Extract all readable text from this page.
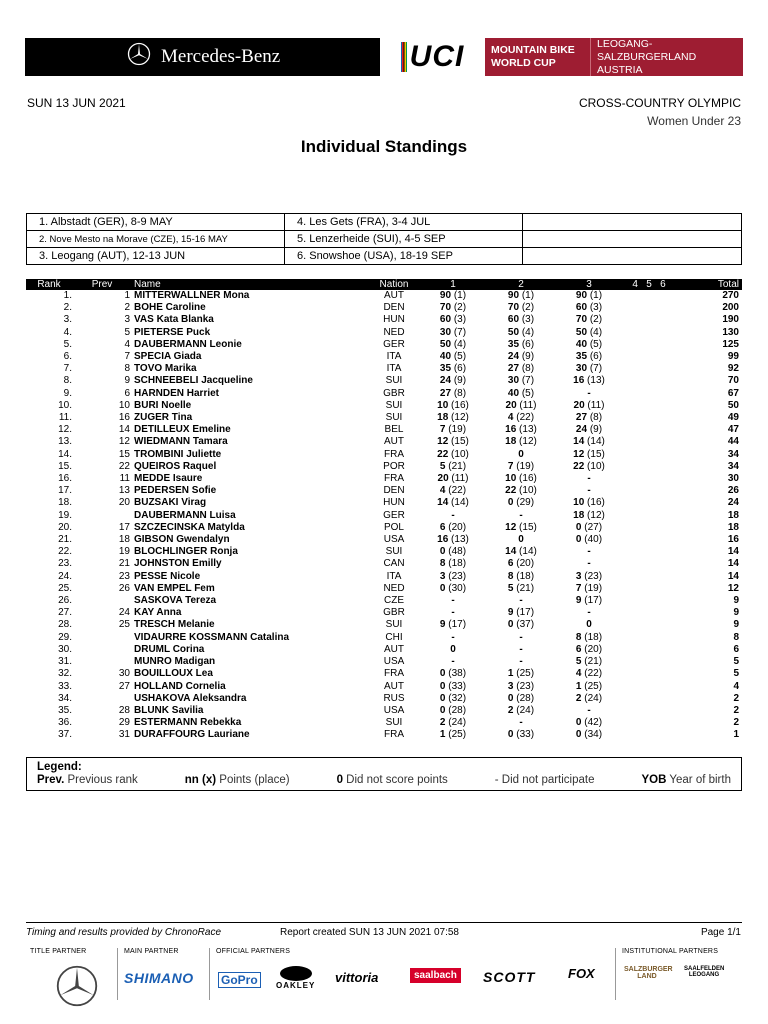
Mercedes-Benz	UCI	MOUNTAIN BIKE
WORLD CUP
LEOGANG-SALZBURGERLAND
AUSTRIA
SUN 13 JUN 2021	CROSS-COUNTRY OLYMPIC
Women Under 23
Individual Standings
1. Albstadt (GER), 8-9 MAY	4. Les Gets (FRA), 3-4 JUL	
2. Nove Mesto na Morave (CZE), 15-16 MAY	5. Lenzerheide (SUI), 4-5 SEP	
3. Leogang (AUT), 12-13 JUN	6. Snowshoe (USA), 18-19 SEP	
Rank	Prev	Name	Nation	1	2	3	4 5 6	Total
1.	1	MITTERWALLNER Mona	AUT	90 (1)	90 (1)	90 (1)		270
2.	2	BOHE Caroline	DEN	70 (2)	70 (2)	60 (3)		200
3.	3	VAS Kata Blanka	HUN	60 (3)	60 (3)	70 (2)		190
4.	5	PIETERSE Puck	NED	30 (7)	50 (4)	50 (4)		130
5.	4	DAUBERMANN Leonie	GER	50 (4)	35 (6)	40 (5)		125
6.	7	SPECIA Giada	ITA	40 (5)	24 (9)	35 (6)		99
7.	8	TOVO Marika	ITA	35 (6)	27 (8)	30 (7)		92
8.	9	SCHNEEBELI Jacqueline	SUI	24 (9)	30 (7)	16 (13)		70
9.	6	HARNDEN Harriet	GBR	27 (8)	40 (5)	-		67
10.	10	BURI Noelle	SUI	10 (16)	20 (11)	20 (11)		50
11.	16	ZUGER Tina	SUI	18 (12)	4 (22)	27 (8)		49
12.	14	DETILLEUX Emeline	BEL	7 (19)	16 (13)	24 (9)		47
13.	12	WIEDMANN Tamara	AUT	12 (15)	18 (12)	14 (14)		44
14.	15	TROMBINI Juliette	FRA	22 (10)	0	12 (15)		34
15.	22	QUEIROS Raquel	POR	5 (21)	7 (19)	22 (10)		34
16.	11	MEDDE Isaure	FRA	20 (11)	10 (16)	-		30
17.	13	PEDERSEN Sofie	DEN	4 (22)	22 (10)	-		26
18.	20	BUZSAKI Virag	HUN	14 (14)	0 (29)	10 (16)		24
19.		DAUBERMANN Luisa	GER	-	-	18 (12)		18
20.	17	SZCZECINSKA Matylda	POL	6 (20)	12 (15)	0 (27)		18
21.	18	GIBSON Gwendalyn	USA	16 (13)	0	0 (40)		16
22.	19	BLOCHLINGER Ronja	SUI	0 (48)	14 (14)	-		14
23.	21	JOHNSTON Emilly	CAN	8 (18)	6 (20)	-		14
24.	23	PESSE Nicole	ITA	3 (23)	8 (18)	3 (23)		14
25.	26	VAN EMPEL Fem	NED	0 (30)	5 (21)	7 (19)		12
26.		SASKOVA Tereza	CZE	-	-	9 (17)		9
27.	24	KAY Anna	GBR	-	9 (17)	-		9
28.	25	TRESCH Melanie	SUI	9 (17)	0 (37)	0		9
29.		VIDAURRE KOSSMANN Catalina	CHI	-	-	8 (18)		8
30.		DRUML Corina	AUT	0	-	6 (20)		6
31.		MUNRO Madigan	USA	-	-	5 (21)		5
32.	30	BOUILLOUX Lea	FRA	0 (38)	1 (25)	4 (22)		5
33.	27	HOLLAND Cornelia	AUT	0 (33)	3 (23)	1 (25)		4
34.		USHAKOVA Aleksandra	RUS	0 (32)	0 (28)	2 (24)		2
35.	28	BLUNK Savilia	USA	0 (28)	2 (24)	-		2
36.	29	ESTERMANN Rebekka	SUI	2 (24)	-	0 (42)		2
37.	31	DURAFFOURG Lauriane	FRA	1 (25)	0 (33)	0 (34)		1
Legend:
Prev. Previous rank	nn (x) Points (place)	0 Did not score points	- Did not participate	YOB Year of birth
Timing and results provided by ChronoRace	Report created SUN 13 JUN 2021 07:58	Page 1/1
TITLE PARTNER	MAIN PARTNER	OFFICIAL PARTNERS	INSTITUTIONAL PARTNERS
SHIMANO GoPro	OAKLEY
vittoria	saalbach SCOTT	FOX	SALZBURGER LAND
SAALFELDEN LEOGANG
